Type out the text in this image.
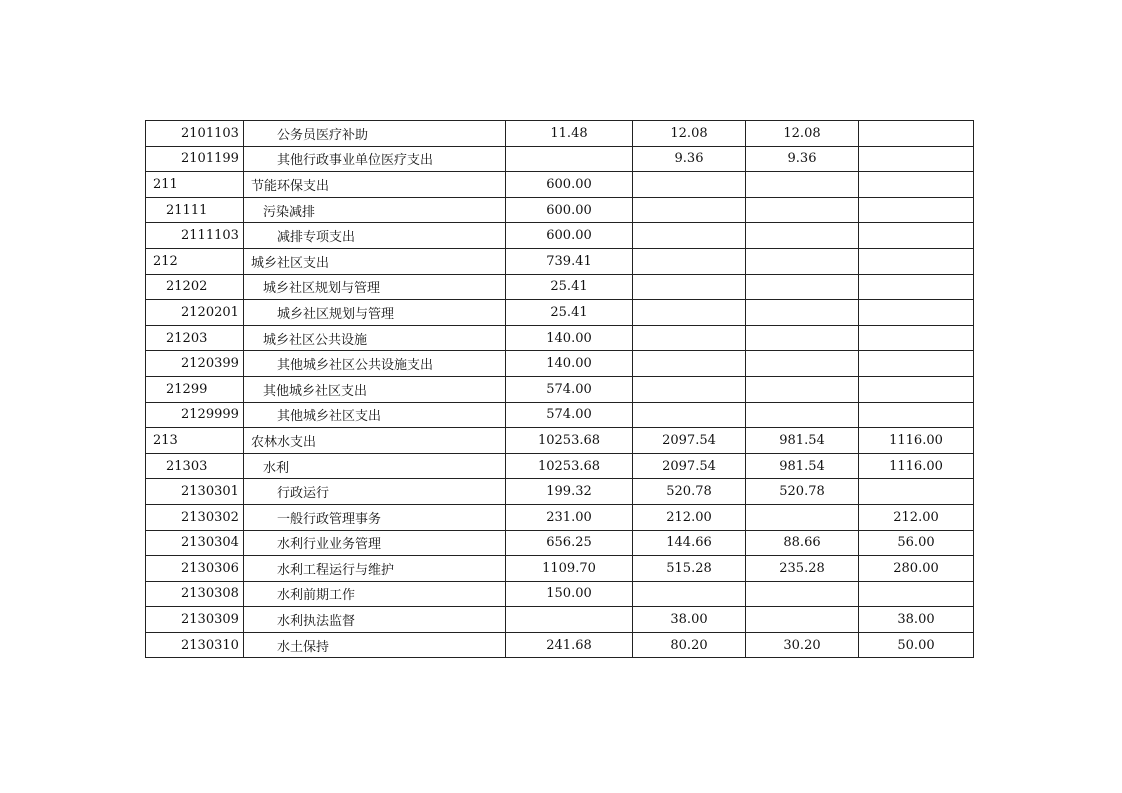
2101103	公务员医疗补助	11.48	12.08	12.08	
2101199	其他行政事业单位医疗支出		9.36	9.36	
211	节能环保支出	600.00			
21111	污染减排	600.00			
2111103	减排专项支出	600.00			
212	城乡社区支出	739.41			
21202	城乡社区规划与管理	25.41			
2120201	城乡社区规划与管理	25.41			
21203	城乡社区公共设施	140.00			
2120399	其他城乡社区公共设施支出	140.00			
21299	其他城乡社区支出	574.00			
2129999	其他城乡社区支出	574.00			
213	农林水支出	10253.68	2097.54	981.54	1116.00
21303	水利	10253.68	2097.54	981.54	1116.00
2130301	行政运行	199.32	520.78	520.78	
2130302	一般行政管理事务	231.00	212.00		212.00
2130304	水利行业业务管理	656.25	144.66	88.66	56.00
2130306	水利工程运行与维护	1109.70	515.28	235.28	280.00
2130308	水利前期工作	150.00			
2130309	水利执法监督		38.00		38.00
2130310	水土保持	241.68	80.20	30.20	50.00
